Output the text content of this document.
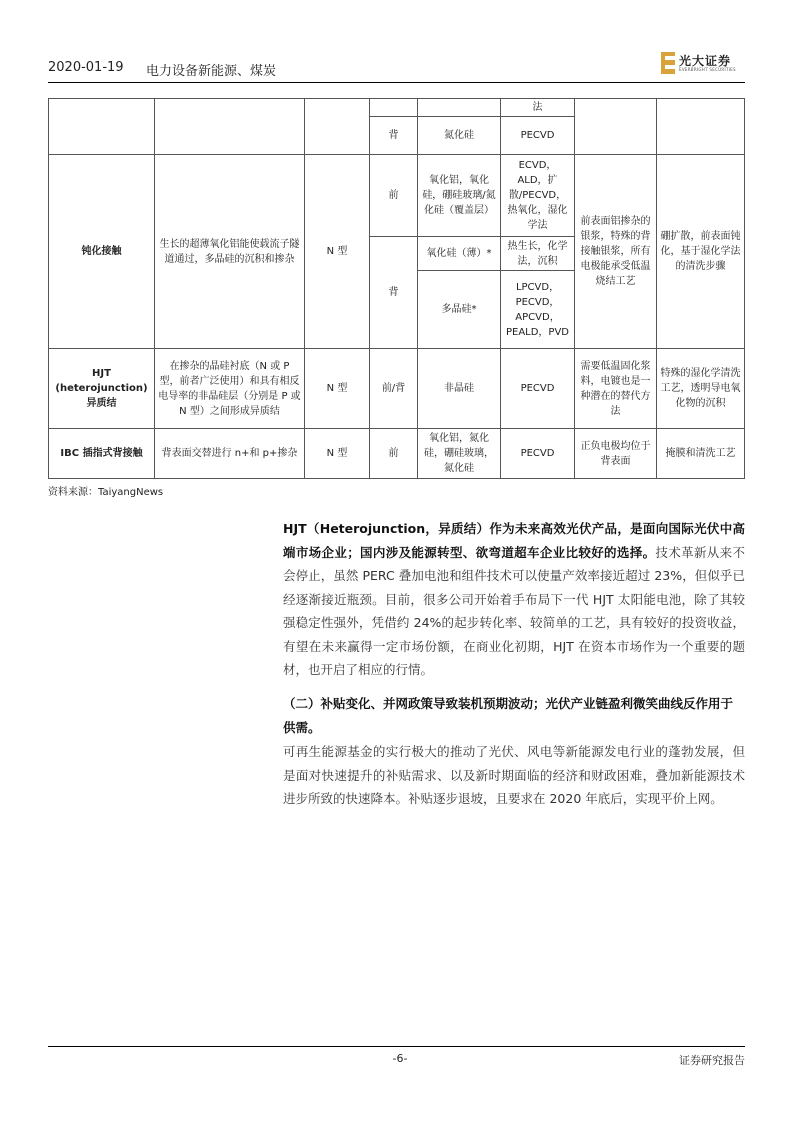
2020-01-19 电力设备新能源、煤炭
光大证券
EVERBRIGHT SECURITIES
					法		
			背	氮化硅	PECVD		
钝化接触	生长的超薄氧化铝能使载流子隧道通过，多晶硅的沉积和掺杂	N 型	前	氧化铝，氧化硅，硼硅玻璃/氮化硅（覆盖层）	ECVD，ALD，扩散/PECVD，热氧化，湿化学法	前表面铝掺杂的银浆，特殊的背接触银浆，所有电极能承受低温烧结工艺	硼扩散，前表面钝化，基于湿化学法的清洗步骤
			背	氧化硅（薄）*	热生长，化学法，沉积		
				多晶硅*	LPCVD，PECVD，APCVD，PEALD，PVD		
HJT (heterojunction) 异质结	在掺杂的晶硅衬底（N 或 P 型，前者广泛使用）和具有相反电导率的非晶硅层（分别是 P 或 N 型）之间形成异质结	N 型	前/背	非晶硅	PECVD	需要低温固化浆料，电镀也是一种潜在的替代方法	特殊的湿化学清洗工艺，透明导电氧化物的沉积
IBC 插指式背接触	背表面交替进行 n+和 p+掺杂	N 型	前	氧化铝，氮化硅，硼硅玻璃，氮化硅	PECVD	正负电极均位于背表面	掩膜和清洗工艺
资料来源：TaiyangNews

HJT（Heterojunction，异质结）作为未来高效光伏产品，是面向国际光伏中高端市场企业；国内涉及能源转型、欲弯道超车企业比较好的选择。技术革新从来不会停止，虽然 PERC 叠加电池和组件技术可以使量产效率接近超过 23%，但似乎已经逐渐接近瓶颈。目前，很多公司开始着手布局下一代 HJT 太阳能电池，除了其较强稳定性强外，凭借约 24%的起步转化率、较简单的工艺，具有较好的投资收益，有望在未来赢得一定市场份额，在商业化初期，HJT 在资本市场作为一个重要的题材，也开启了相应的行情。

（二）补贴变化、并网政策导致装机预期波动；光伏产业链盈利微笑曲线反作用于供需。

可再生能源基金的实行极大的推动了光伏、风电等新能源发电行业的蓬勃发展，但是面对快速提升的补贴需求、以及新时期面临的经济和财政困难，叠加新能源技术进步所致的快速降本。补贴逐步退坡，且要求在 2020 年底后，实现平价上网。

-6-	证券研究报告
